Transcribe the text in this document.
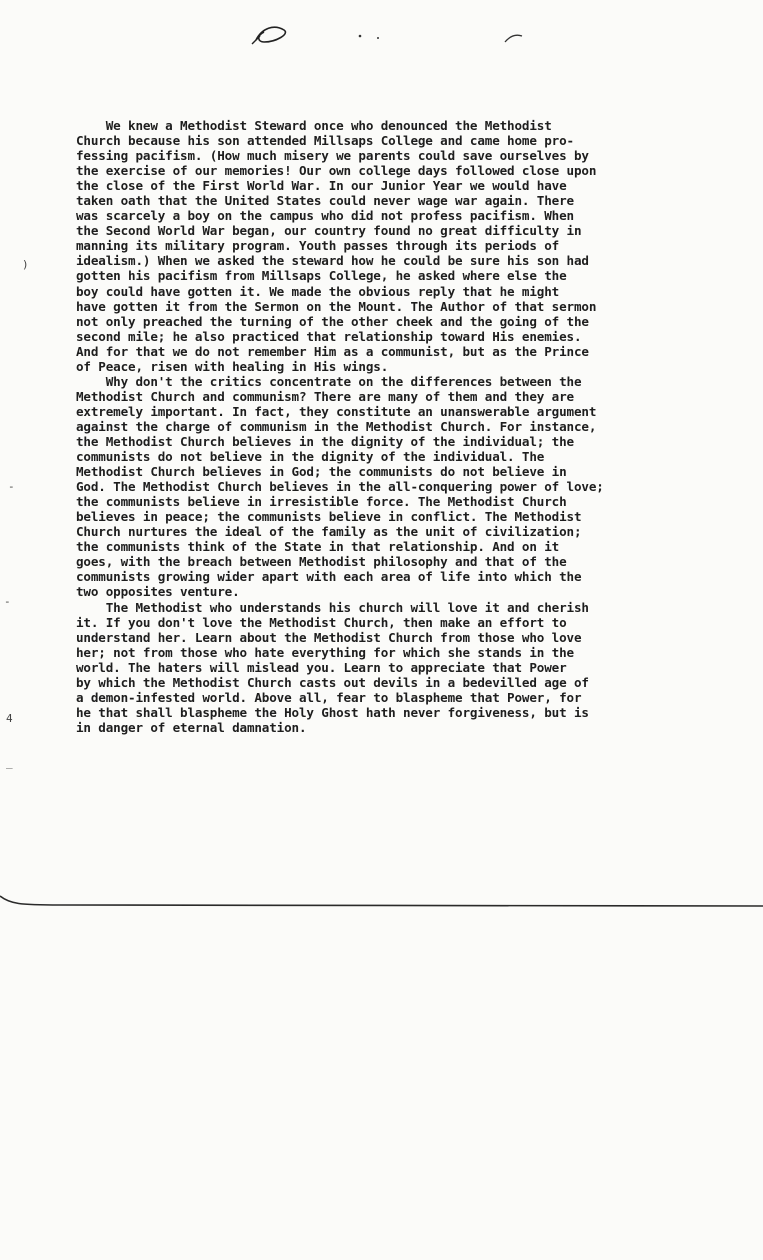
)
-
-
4
_
We knew a Methodist Steward once who denounced the Methodist
Church because his son attended Millsaps College and came home pro-
fessing pacifism. (How much misery we parents could save ourselves by
the exercise of our memories! Our own college days followed close upon
the close of the First World War. In our Junior Year we would have
taken oath that the United States could never wage war again. There
was scarcely a boy on the campus who did not profess pacifism. When
the Second World War began, our country found no great difficulty in
manning its military program. Youth passes through its periods of
idealism.) When we asked the steward how he could be sure his son had
gotten his pacifism from Millsaps College, he asked where else the
boy could have gotten it. We made the obvious reply that he might
have gotten it from the Sermon on the Mount. The Author of that sermon
not only preached the turning of the other cheek and the going of the
second mile; he also practiced that relationship toward His enemies.
And for that we do not remember Him as a communist, but as the Prince
of Peace, risen with healing in His wings.
Why don't the critics concentrate on the differences between the
Methodist Church and communism? There are many of them and they are
extremely important. In fact, they constitute an unanswerable argument
against the charge of communism in the Methodist Church. For instance,
the Methodist Church believes in the dignity of the individual; the
communists do not believe in the dignity of the individual. The
Methodist Church believes in God; the communists do not believe in
God. The Methodist Church believes in the all-conquering power of love;
the communists believe in irresistible force. The Methodist Church
believes in peace; the communists believe in conflict. The Methodist
Church nurtures the ideal of the family as the unit of civilization;
the communists think of the State in that relationship. And on it
goes, with the breach between Methodist philosophy and that of the
communists growing wider apart with each area of life into which the
two opposites venture.
The Methodist who understands his church will love it and cherish
it. If you don't love the Methodist Church, then make an effort to
understand her. Learn about the Methodist Church from those who love
her; not from those who hate everything for which she stands in the
world. The haters will mislead you. Learn to appreciate that Power
by which the Methodist Church casts out devils in a bedevilled age of
a demon-infested world. Above all, fear to blaspheme that Power, for
he that shall blaspheme the Holy Ghost hath never forgiveness, but is
in danger of eternal damnation.
